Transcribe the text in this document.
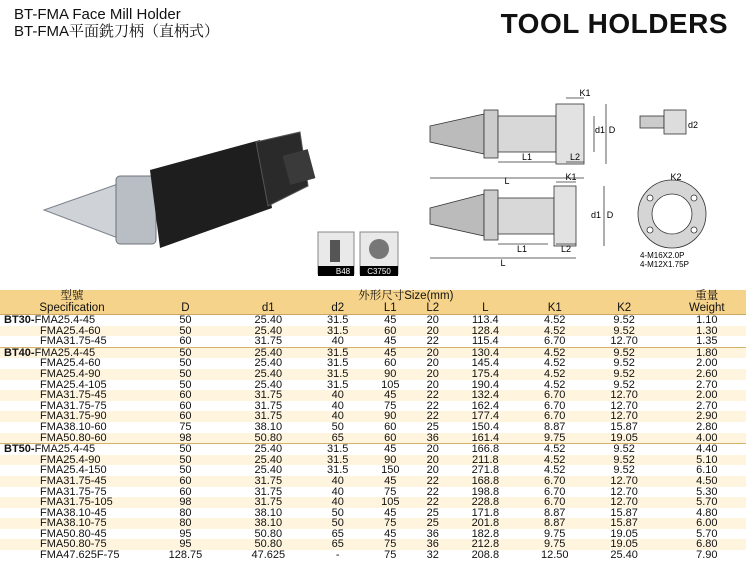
BT-FMA Face Mill Holder
BT-FMA平面銑刀柄（直柄式）	TOOL HOLDERS
B48 C3750
L
L1	L2
K1
d1 D	d2
L
L1	L2
K1
d1 D
K2
4-M16X2.0P
4-M12X1.75P
型號	外形尺寸Size(mm)									重量
Specification	D	d1	d2	L1	L2	L	K1	K2		Weight
BT30-FMA25.4-45	50	25.40	31.5	45	20	113.4	4.52	9.52		1.10
FMA25.4-60	50	25.40	31.5	60	20	128.4	4.52	9.52		1.30
FMA31.75-45	60	31.75	40	45	22	115.4	6.70	12.70		1.35
BT40-FMA25.4-45	50	25.40	31.5	45	20	130.4	4.52	9.52		1.80
FMA25.4-60	50	25.40	31.5	60	20	145.4	4.52	9.52		2.00
FMA25.4-90	50	25.40	31.5	90	20	175.4	4.52	9.52		2.60
FMA25.4-105	50	25.40	31.5	105	20	190.4	4.52	9.52		2.70
FMA31.75-45	60	31.75	40	45	22	132.4	6.70	12.70		2.00
FMA31.75-75	60	31.75	40	75	22	162.4	6.70	12.70		2.70
FMA31.75-90	60	31.75	40	90	22	177.4	6.70	12.70		2.90
FMA38.10-60	75	38.10	50	60	25	150.4	8.87	15.87		2.80
FMA50.80-60	98	50.80	65	60	36	161.4	9.75	19.05		4.00
BT50-FMA25.4-45	50	25.40	31.5	45	20	166.8	4.52	9.52		4.40
FMA25.4-90	50	25.40	31.5	90	20	211.8	4.52	9.52		5.10
FMA25.4-150	50	25.40	31.5	150	20	271.8	4.52	9.52		6.10
FMA31.75-45	60	31.75	40	45	22	168.8	6.70	12.70		4.50
FMA31.75-75	60	31.75	40	75	22	198.8	6.70	12.70		5.30
FMA31.75-105	98	31.75	40	105	22	228.8	6.70	12.70		5.70
FMA38.10-45	80	38.10	50	45	25	171.8	8.87	15.87		4.80
FMA38.10-75	80	38.10	50	75	25	201.8	8.87	15.87		6.00
FMA50.80-45	95	50.80	65	45	36	182.8	9.75	19.05		5.70
FMA50.80-75	95	50.80	65	75	36	212.8	9.75	19.05		6.80
FMA47.625F-75	128.75	47.625	-	75	32	208.8	12.50	25.40		7.90
